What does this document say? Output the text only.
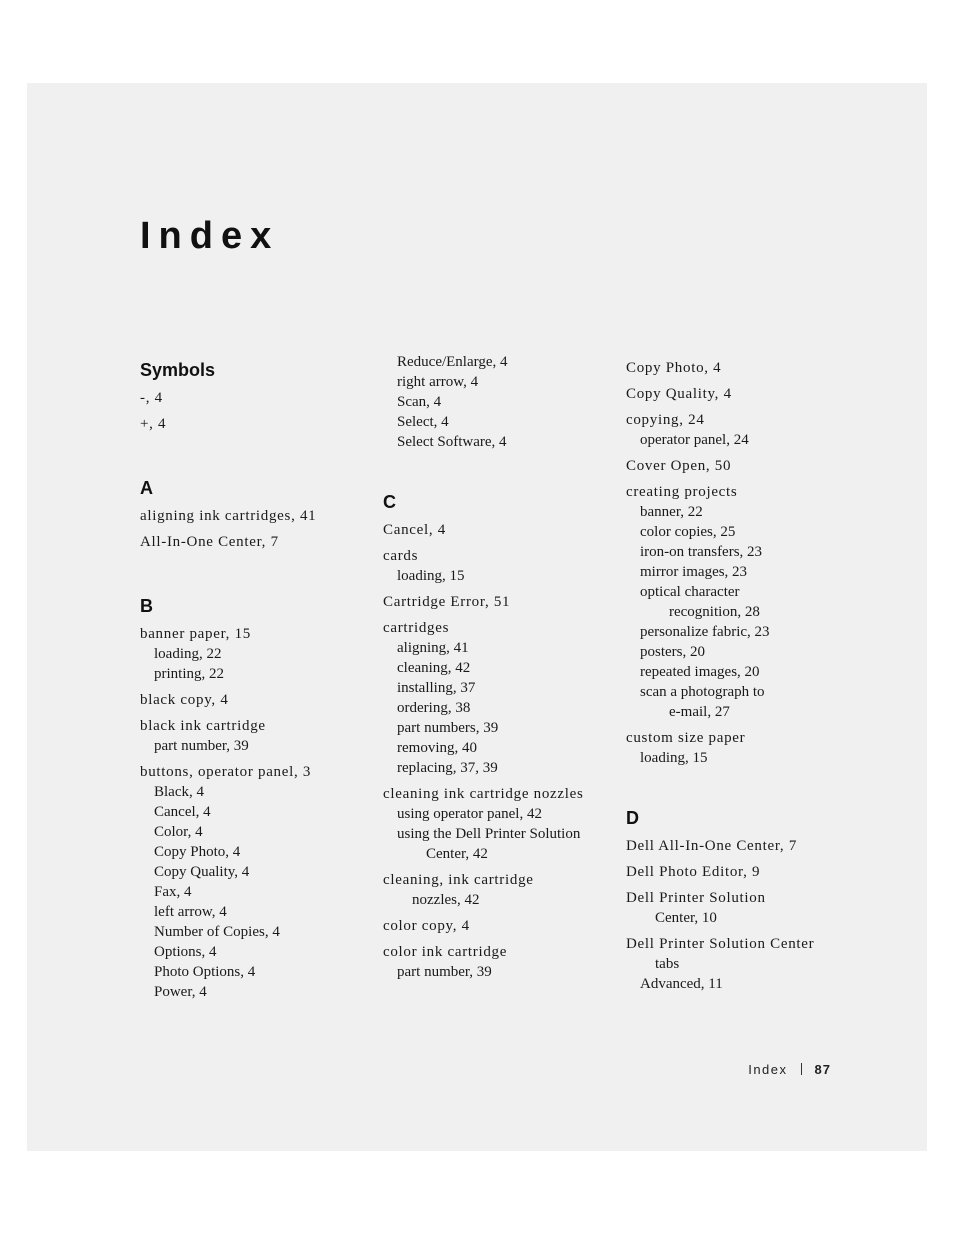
Index
Symbols
-, 4
+, 4
A
aligning ink cartridges, 41
All-In-One Center, 7
B
banner paper, 15
loading, 22
printing, 22
black copy, 4
black ink cartridge
part number, 39
buttons, operator panel, 3
Black, 4
Cancel, 4
Color, 4
Copy Photo, 4
Copy Quality, 4
Fax, 4
left arrow, 4
Number of Copies, 4
Options, 4
Photo Options, 4
Power, 4
Reduce/Enlarge, 4
right arrow, 4
Scan, 4
Select, 4
Select Software, 4
C
Cancel, 4
cards
loading, 15
Cartridge Error, 51
cartridges
aligning, 41
cleaning, 42
installing, 37
ordering, 38
part numbers, 39
removing, 40
replacing, 37, 39
cleaning ink cartridge nozzles
using operator panel, 42
using the Dell Printer Solution
Center, 42
cleaning, ink cartridge
nozzles, 42
color copy, 4
color ink cartridge
part number, 39
Copy Photo, 4
Copy Quality, 4
copying, 24
operator panel, 24
Cover Open, 50
creating projects
banner, 22
color copies, 25
iron-on transfers, 23
mirror images, 23
optical character
recognition, 28
personalize fabric, 23
posters, 20
repeated images, 20
scan a photograph to
e-mail, 27
custom size paper
loading, 15
D
Dell All-In-One Center, 7
Dell Photo Editor, 9
Dell Printer Solution
Center, 10
Dell Printer Solution Center
tabs
Advanced, 11
Index 87
